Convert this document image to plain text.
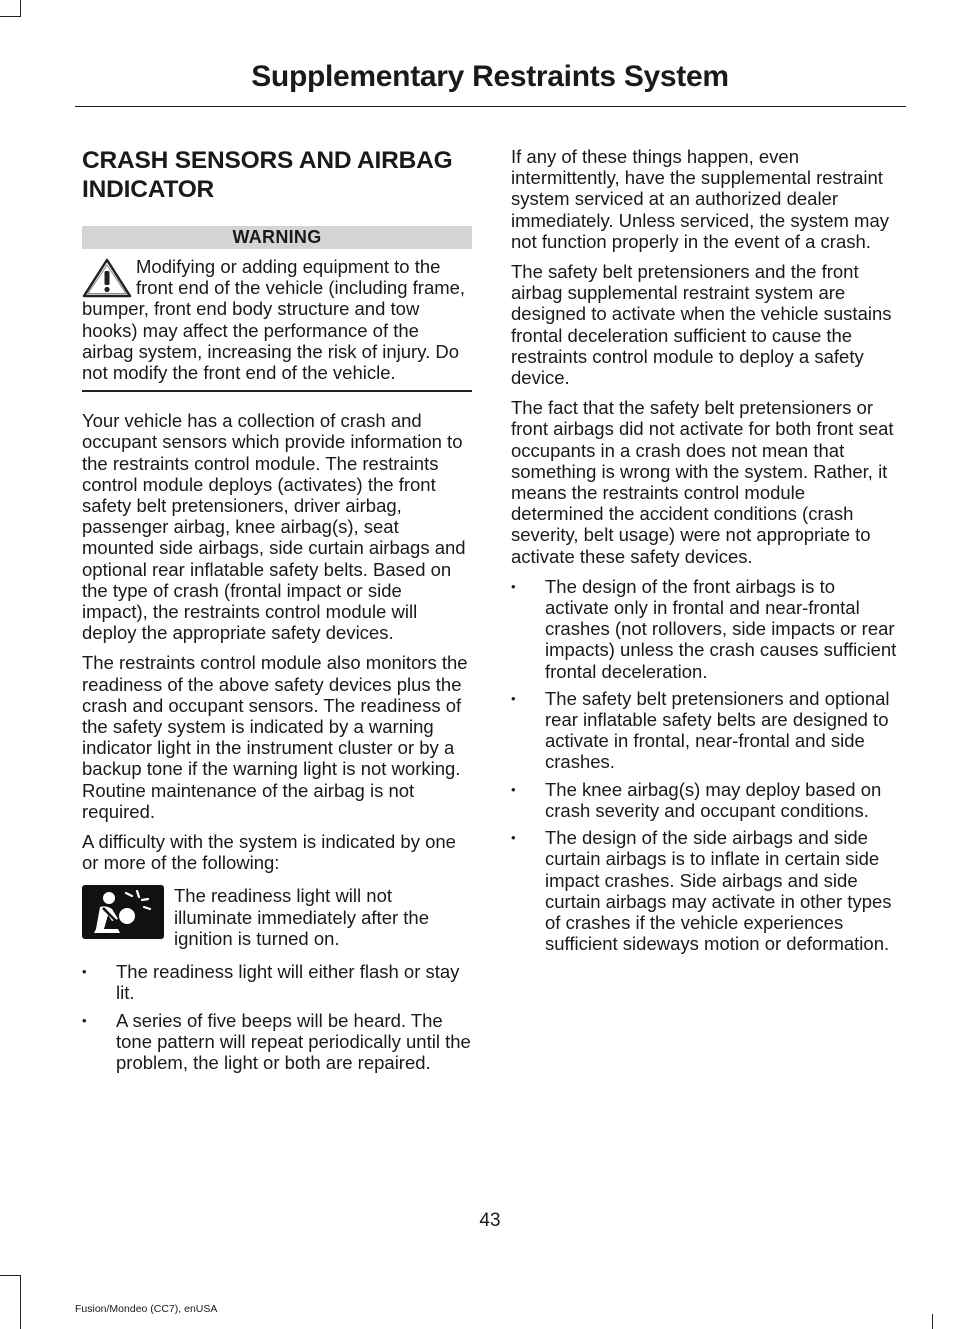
Supplementary Restraints System
CRASH SENSORS AND AIRBAG INDICATOR
WARNING
Modifying or adding equipment to the front end of the vehicle (including frame, bumper, front end body structure and tow hooks) may affect the performance of the airbag system, increasing the risk of injury. Do not modify the front end of the vehicle.

Your vehicle has a collection of crash and occupant sensors which provide information to the restraints control module. The restraints control module deploys (activates) the front safety belt pretensioners, driver airbag, passenger airbag, knee airbag(s), seat mounted side airbags, side curtain airbags and optional rear inflatable safety belts. Based on the type of crash (frontal impact or side impact), the restraints control module will deploy the appropriate safety devices.

The restraints control module also monitors the readiness of the above safety devices plus the crash and occupant sensors. The readiness of the safety system is indicated by a warning indicator light in the instrument cluster or by a backup tone if the warning light is not working. Routine maintenance of the airbag is not required.

A difficulty with the system is indicated by one or more of the following:

The readiness light will not illuminate immediately after the ignition is turned on.

• The readiness light will either flash or stay lit.
• A series of five beeps will be heard. The tone pattern will repeat periodically until the problem, the light or both are repaired.

If any of these things happen, even intermittently, have the supplemental restraint system serviced at an authorized dealer immediately. Unless serviced, the system may not function properly in the event of a crash.

The safety belt pretensioners and the front airbag supplemental restraint system are designed to activate when the vehicle sustains frontal deceleration sufficient to cause the restraints control module to deploy a safety device.

The fact that the safety belt pretensioners or front airbags did not activate for both front seat occupants in a crash does not mean that something is wrong with the system. Rather, it means the restraints control module determined the accident conditions (crash severity, belt usage) were not appropriate to activate these safety devices.

• The design of the front airbags is to activate only in frontal and near-frontal crashes (not rollovers, side impacts or rear impacts) unless the crash causes sufficient frontal deceleration.
• The safety belt pretensioners and optional rear inflatable safety belts are designed to activate in frontal, near-frontal and side crashes.
• The knee airbag(s) may deploy based on crash severity and occupant conditions.
• The design of the side airbags and side curtain airbags is to inflate in certain side impact crashes. Side airbags and side curtain airbags may activate in other types of crashes if the vehicle experiences sufficient sideways motion or deformation.
43
Fusion/Mondeo (CC7), enUSA
